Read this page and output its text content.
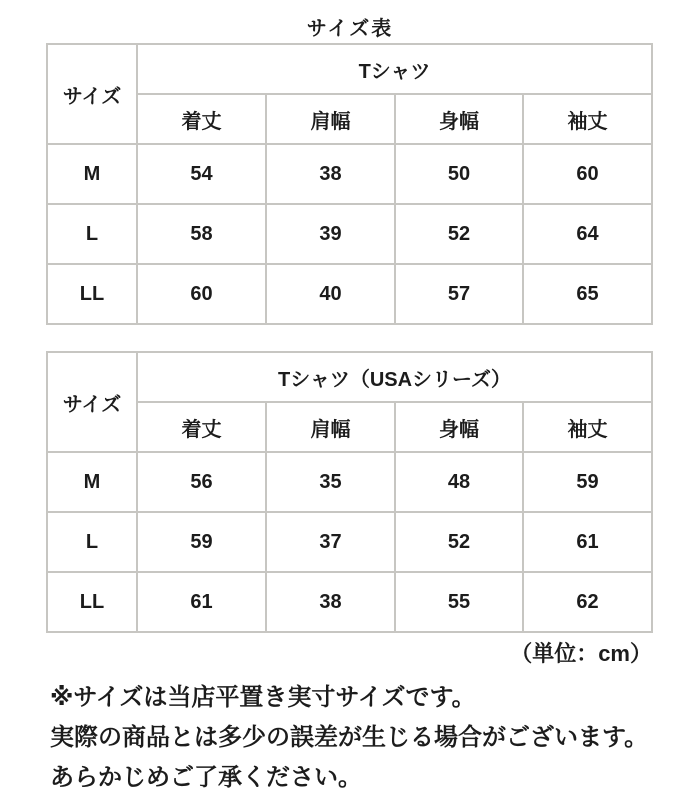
サイズ表
サイズ	Tシャツ			
	着丈	肩幅	身幅	袖丈
M	54	38	50	60
L	58	39	52	64
LL	60	40	57	65
サイズ	Tシャツ（USAシリーズ）			
	着丈	肩幅	身幅	袖丈
M	56	35	48	59
L	59	37	52	61
LL	61	38	55	62
（単位：cm）
※サイズは当店平置き実寸サイズです。
実際の商品とは多少の誤差が生じる場合がございます。
あらかじめご了承ください。
